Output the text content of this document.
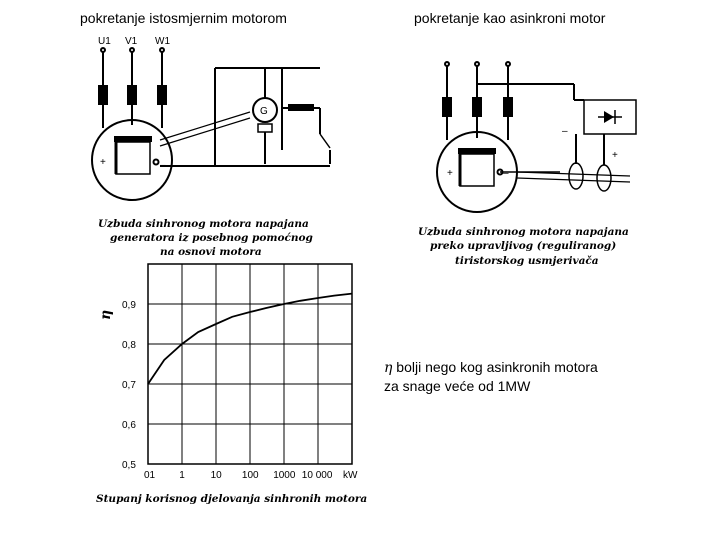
pokretanje istosmjernim motorom	pokretanje kao asinkroni motor
U1 V1 W1
+	–
G
Uzbuda sinhronog motora napajana
generatora iz posebnog pomoćnog
na osnovi motora
+	–
–
+
Uzbuda sinhronog motora napajana
preko upravljivog (reguliranog)
tiristorskog usmjerivača
0,5
0,6
0,7
0,8
0,9
01 1	10 100 1000 10 000 kW
η
Stupanj korisnog djelovanja sinhronih motora
η bolji nego kog asinkronih motora
za snage veće od 1MW
